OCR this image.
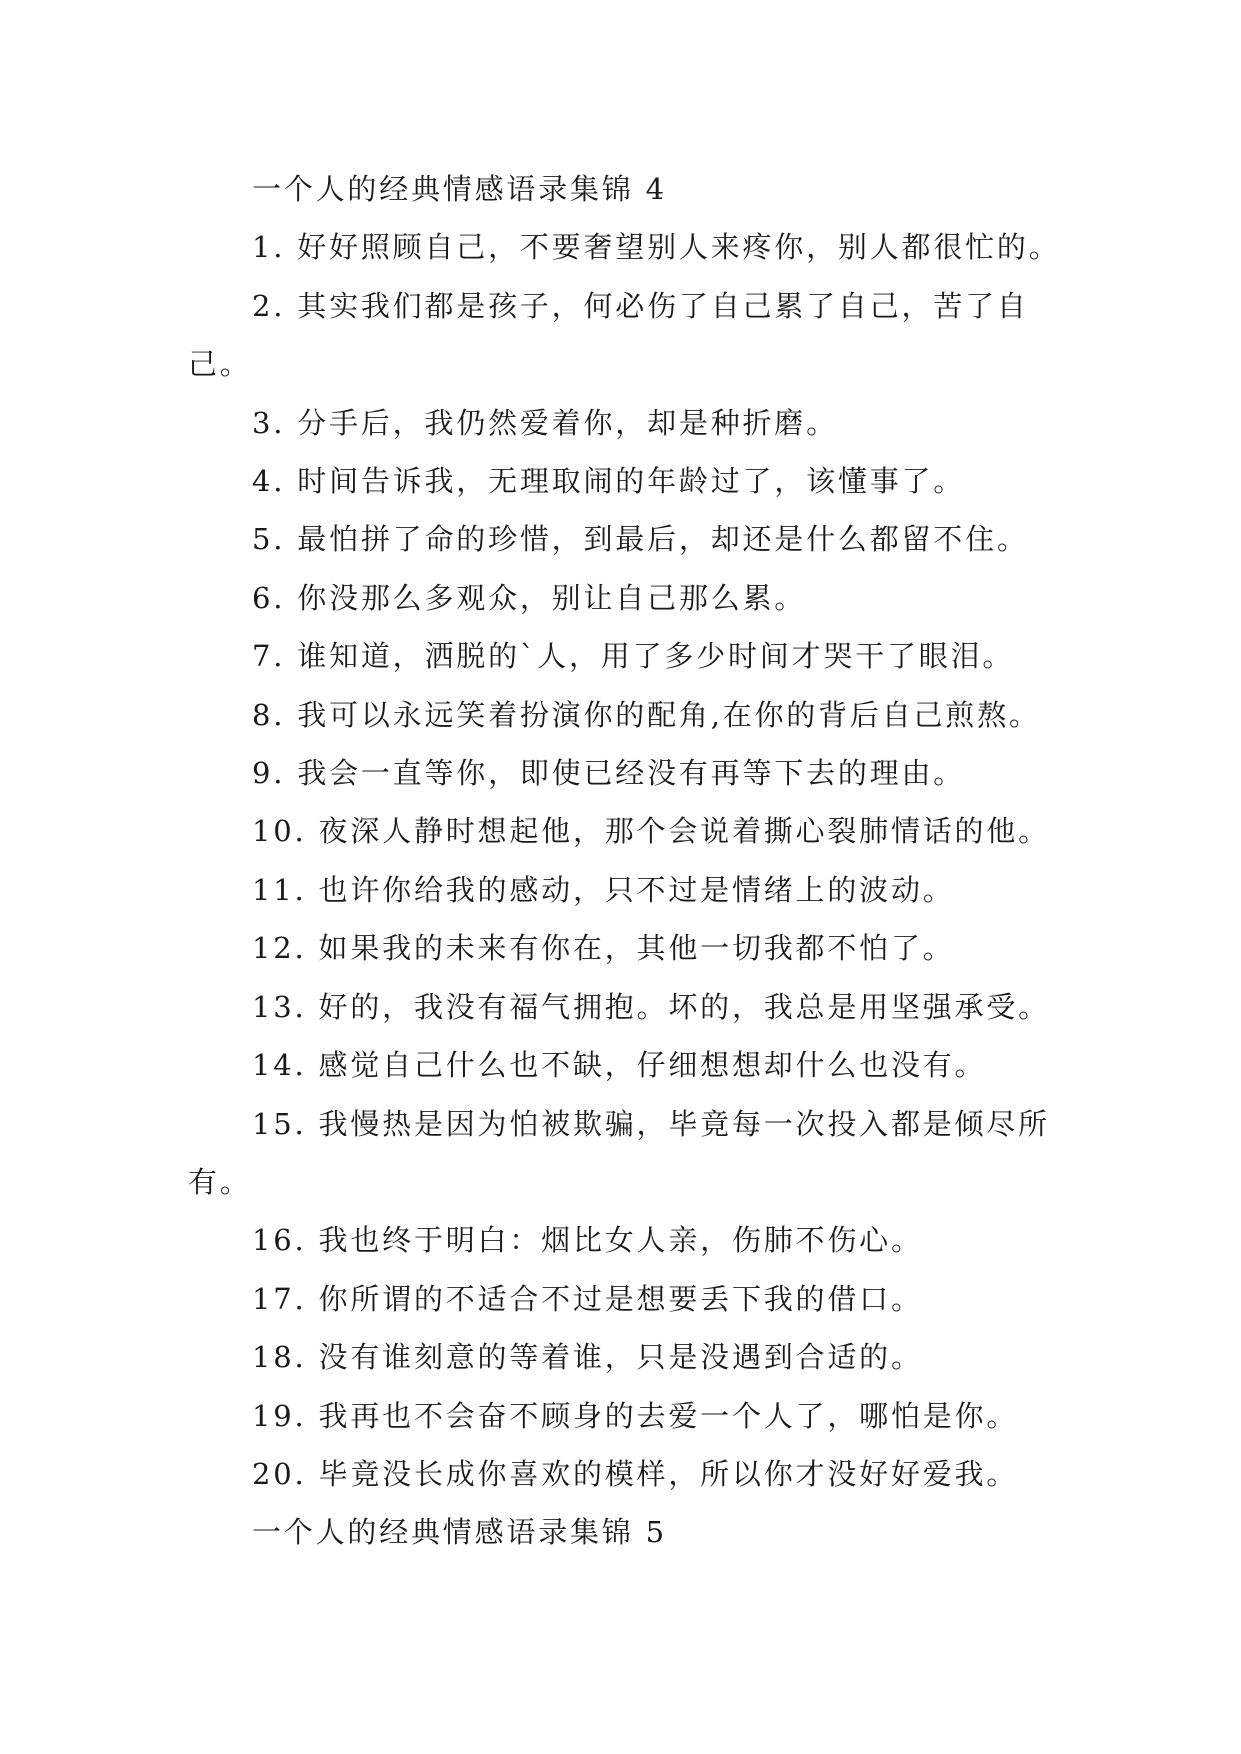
一个人的经典情感语录集锦 4

1. 好好照顾自己，不要奢望别人来疼你，别人都很忙的。

2. 其实我们都是孩子，何必伤了自己累了自己，苦了自己。

3. 分手后，我仍然爱着你，却是种折磨。

4. 时间告诉我，无理取闹的年龄过了，该懂事了。

5. 最怕拼了命的珍惜，到最后，却还是什么都留不住。

6. 你没那么多观众，别让自己那么累。

7. 谁知道，洒脱的`人，用了多少时间才哭干了眼泪。

8. 我可以永远笑着扮演你的配角,在你的背后自己煎熬。

9. 我会一直等你，即使已经没有再等下去的理由。

10. 夜深人静时想起他，那个会说着撕心裂肺情话的他。

11. 也许你给我的感动，只不过是情绪上的波动。

12. 如果我的未来有你在，其他一切我都不怕了。

13. 好的，我没有福气拥抱。坏的，我总是用坚强承受。

14. 感觉自己什么也不缺，仔细想想却什么也没有。

15. 我慢热是因为怕被欺骗，毕竟每一次投入都是倾尽所有。

16. 我也终于明白：烟比女人亲，伤肺不伤心。

17. 你所谓的不适合不过是想要丢下我的借口。

18. 没有谁刻意的等着谁，只是没遇到合适的。

19. 我再也不会奋不顾身的去爱一个人了，哪怕是你。

20. 毕竟没长成你喜欢的模样，所以你才没好好爱我。

一个人的经典情感语录集锦 5
